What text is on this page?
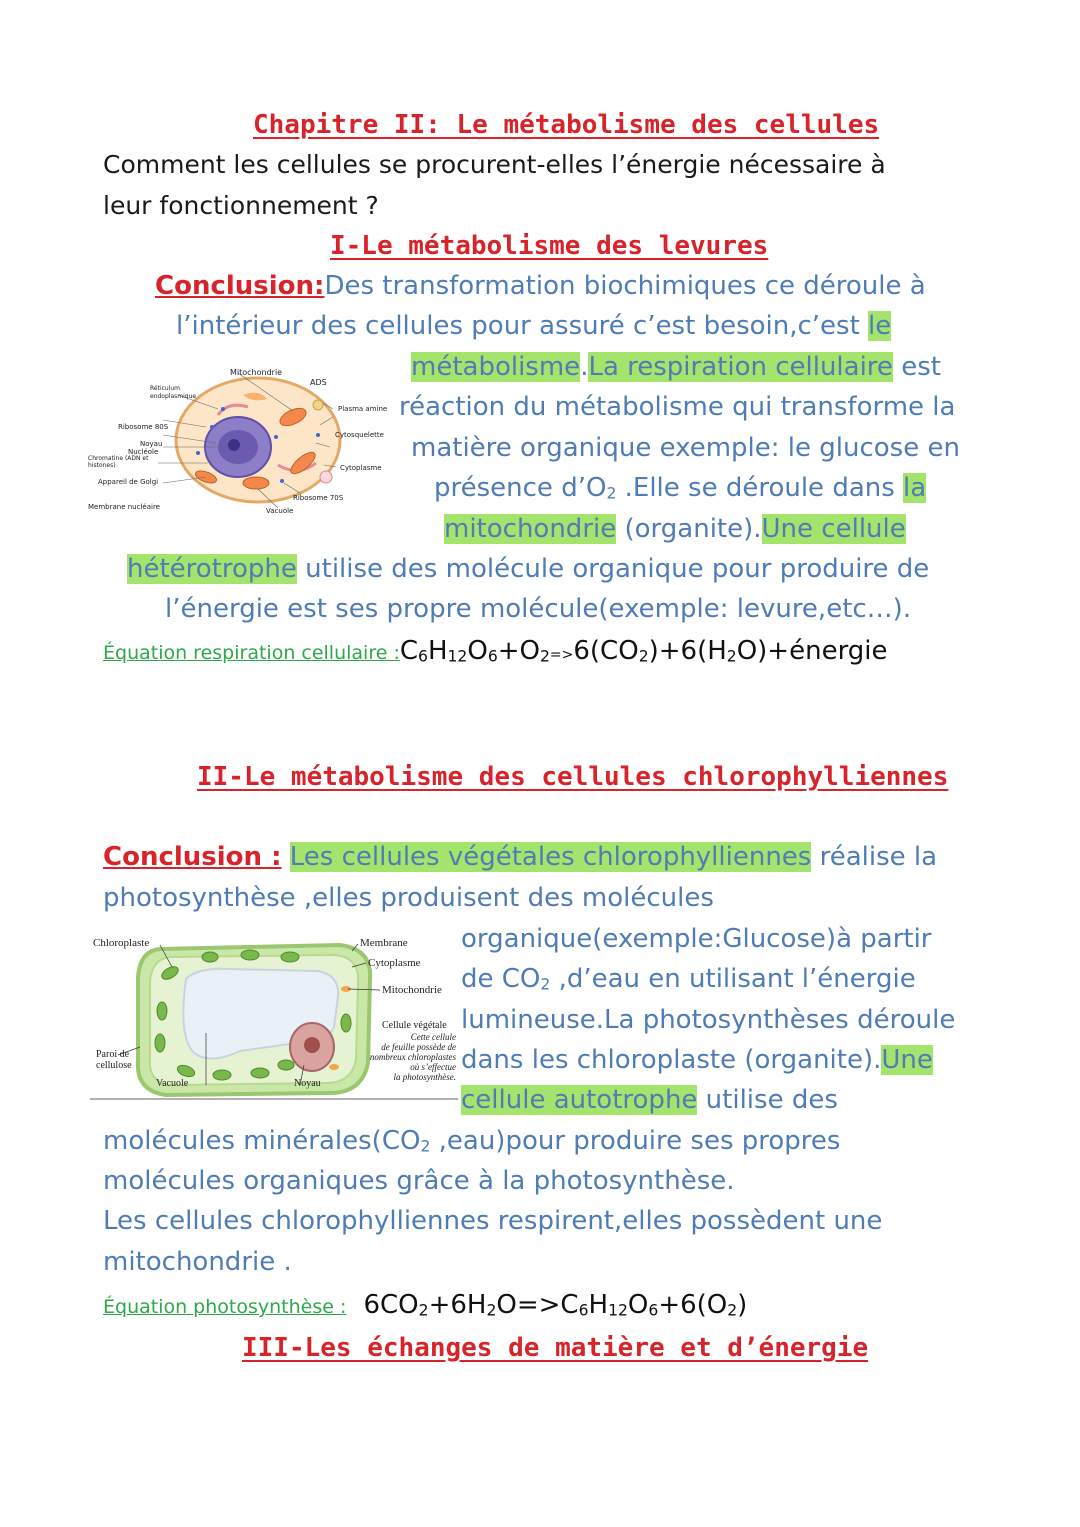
Chapitre II: Le métabolisme des cellules
Comment les cellules se procurent-elles l’énergie nécessaire à
leur fonctionnement ?
I-Le métabolisme des levures
Conclusion:Des transformation biochimiques ce déroule à
l’intérieur des cellules pour assuré c’est besoin,c’est le
métabolisme.La respiration cellulaire est
réaction du métabolisme qui transforme la
matière organique exemple: le glucose en
présence $d’O_2$ .Elle se déroule dans la
mitochondrie (organite).Une cellule
hétérotrophe utilise des molécule organique pour produire de
l’énergie est ses propre molécule(exemple: levure,etc…).
Équation respiration cellulaire $:C_6H_{12}O_6+O_2=>6(CO_2)+6(H_2O)+énergie$
Mitochondrie
ADS
Réticulum endoplasmique
Plasma amine
Ribosome 80S
Cytosquelette
Noyau
Nucléole
Chromatine (ADN et histones)	Cytoplasme
Appareil de Golgi
Ribosome 70S
Membrane nucléaire	Vacuole
II-Le métabolisme des cellules chlorophylliennes
Conclusion : Les cellules végétales chlorophylliennes réalise la
photosynthèse ,elles produisent des molécules
organique(exemple:Glucose)à partir
de $CO_2$ ,d’eau en utilisant l’énergie
lumineuse.La photosynthèses déroule
dans les chloroplaste (organite).Une
cellule autotrophe utilise des
molécules $\min érales(CO_2$ ,eau)pour produire ses propres
molécules organiques grâce à la photosynthèse.
Les cellules chlorophylliennes respirent,elles possèdent une
mitochondrie .
Équation photosynthèse : $6CO_2+6H_2O=>C_6H_{12}O_6+6(O_2)$
Chloroplaste	Membrane
Cytoplasme
Mitochondrie
Cellule végétale
Cette cellule
de feuille possède de
nombreux chloroplastes
où s’effectue
la photosynthèse.
Paroi de
cellulose
Vacuole	Noyau
III-Les échanges de matière et d’énergie
